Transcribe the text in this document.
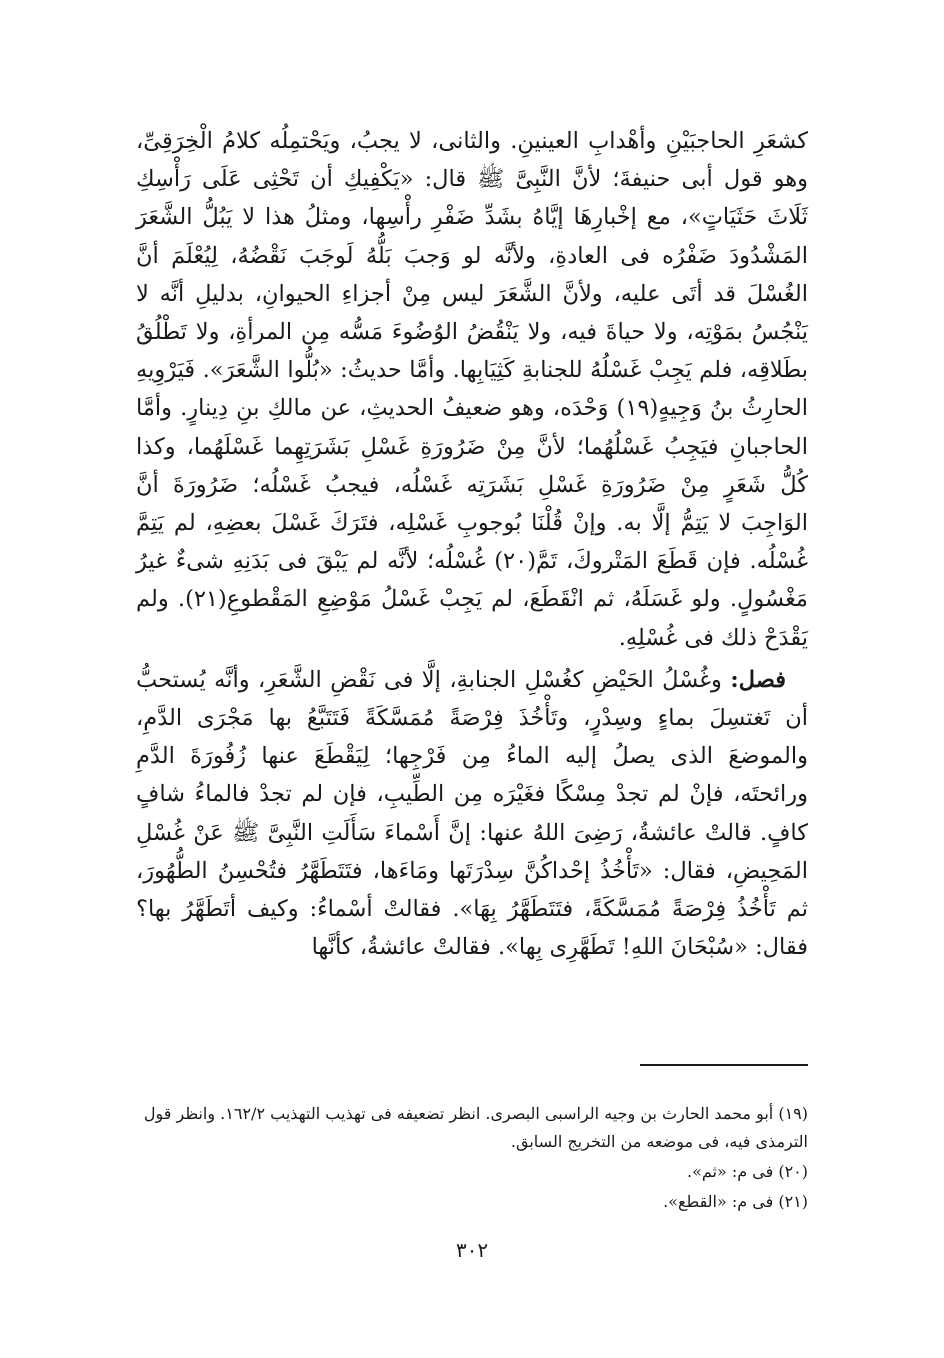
كشعَرِ الحاجبَيْنِ وأهْدابِ العينينِ. والثانى، لا يجبُ، ويَحْتمِلُه كلامُ الْخِرَقِىِّ، وهو قول أبى حنيفةَ؛ لأنَّ النَّبِىَّ ﷺ قال: «يَكْفِيكِ أن تَحْثِى عَلَى رَأْسِكِ ثَلَاثَ حَثَيَاتٍ»، مع إخْبارِهَا إيَّاهُ بشَدِّ ضَفْرِ رأْسِها، ومثلُ هذا لا يَبُلُّ الشَّعَرَ المَشْدُودَ ضَفْرُه فى العادةِ، ولأنَّه لو وَجبَ بَلُّهُ لَوجَبَ نَقْضُهُ، لِيُعْلَمَ أنَّ الغُسْلَ قد أتَى عليه، ولأنَّ الشَّعَرَ ليس مِنْ أجزاءِ الحيوانِ، بدليلِ أنَّه لا يَنْجُسُ بمَوْتِه، ولا حياةَ فيه، ولا يَنْقُضُ الوُضُوءَ مَسُّه مِن المرأةِ، ولا تَطْلُقُ بطَلاقِه، فلم يَجِبْ غَسْلُهُ للجنابةِ كَثِيَابِها. وأمَّا حديثُ: «بُلُّوا الشَّعَرَ». فَيَرْوِيهِ الحارِثُ بنُ وَجِيهٍ(١٩) وَحْدَه، وهو ضعيفُ الحديثِ، عن مالكِ بنِ دِينارٍ. وأمَّا الحاجبانِ فيَجِبُ غَسْلُهُما؛ لأنَّ مِنْ ضَرُورَةِ غَسْلِ بَشَرَتِهِما غَسْلَهُما، وكذا كُلُّ شَعَرٍ مِنْ ضَرُورَةِ غَسْلِ بَشَرَتِه غَسْلُه، فيجبُ غَسْلُه؛ ضَرُورَةَ أنَّ الوَاجِبَ لا يَتِمُّ إلَّا به. وإنْ قُلْنَا بُوجوبِ غَسْلِه، فتَرَكَ غَسْلَ بعضِهِ، لم يَتِمَّ غُسْلُه. فإن قَطَعَ المَتْروكَ، تَمَّ(٢٠) غُسْلُه؛ لأنَّه لم يَبْقَ فى بَدَنِهِ شىءٌ غيرُ مَغْسُولٍ. ولو غَسَلَهُ، ثم انْقَطَعَ، لم يَجِبْ غَسْلُ مَوْضِعِ المَقْطوعِ(٢١). ولم يَقْدَحْ ذلك فى غُسْلِهِ.

فصل: وغُسْلُ الحَيْضِ كغُسْلِ الجنابةِ، إلَّا فى نَقْضِ الشَّعَرِ، وأنَّه يُستحبُّ أن تَغتسِلَ بماءٍ وسِدْرٍ، وتَأْخُذَ فِرْصَةً مُمَسَّكَةً فَتَتَبَّعُ بها مَجْرَى الدَّمِ، والموضعَ الذى يصلُ إليه الماءُ مِن فَرْجِها؛ لِيَقْطَعَ عنها زُفُورَةَ الدَّمِ ورائحتَه، فإنْ لم تجدْ مِسْكًا فغَيْرَه مِن الطِّيبِ، فإن لم تجدْ فالماءُ شافٍ كافٍ. قالتْ عائشةُ، رَضِىَ اللهُ عنها: إنَّ أَسْماءَ سَأَلَتِ النَّبِىَّ ﷺ عَنْ غُسْلِ المَحِيضِ، فقال: «تَأْخُذُ إحْداكُنَّ سِدْرَتَها ومَاءَها، فتَتَطَهَّرُ فتُحْسِنُ الطُّهُورَ، ثم تَأْخُذُ فِرْصَةً مُمَسَّكَةً، فتَتَطَهَّرُ بِهَا». فقالتْ أسْماءُ: وكيف أتَطَهَّرُ بها؟ فقال: «سُبْحَانَ اللهِ! تَطَهَّرِى بِها». فقالتْ عائشةُ، كأنَّها

(١٩) أبو محمد الحارث بن وجيه الراسبى البصرى. انظر تضعيفه فى تهذيب التهذيب ١٦٢/٢. وانظر قول الترمذى فيه، فى موضعه من التخريج السابق.

(٢٠) فى م: «ثم».

(٢١) فى م: «القطع».

٣٠٢
